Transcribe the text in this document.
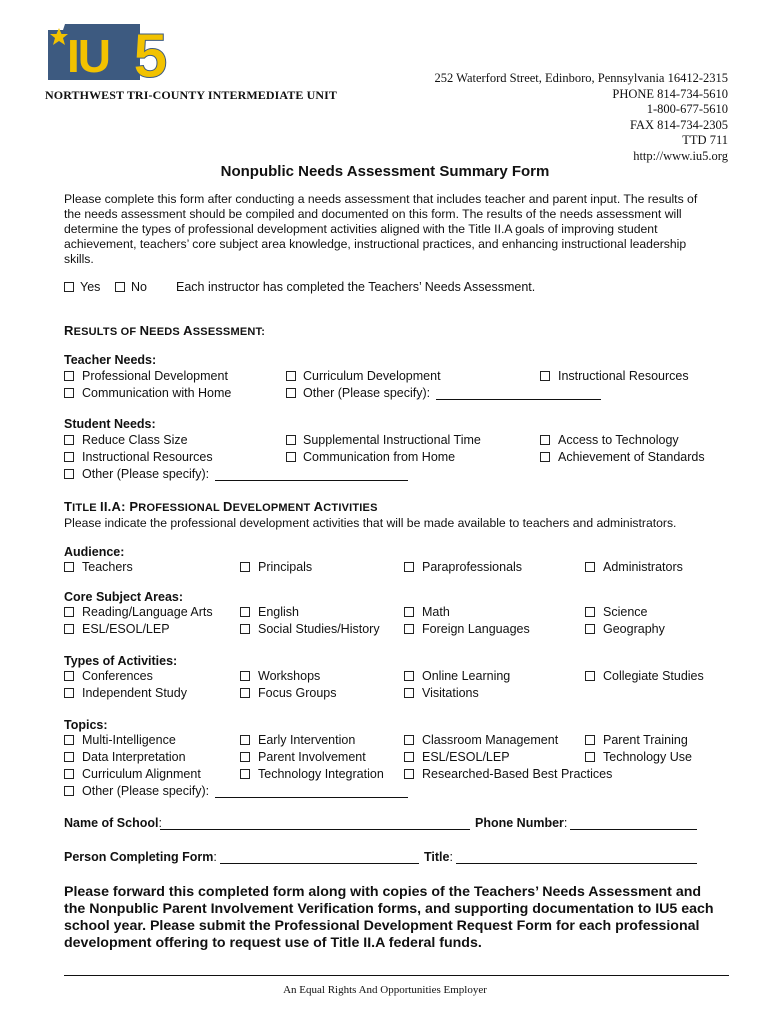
IU 5
NORTHWEST TRI-COUNTY INTERMEDIATE UNIT
252 Waterford Street, Edinboro, Pennsylvania 16412-2315
PHONE 814-734-5610
1-800-677-5610
FAX 814-734-2305
TTD 711
http://www.iu5.org
Nonpublic Needs Assessment Summary Form
Please complete this form after conducting a needs assessment that includes teacher and parent input. The results of the needs assessment should be compiled and documented on this form. The results of the needs assessment will determine the types of professional development activities aligned with the Title II.A goals of improving student achievement, teachers’ core subject area knowledge, instructional practices, and enhancing instructional leadership skills.
Yes No Each instructor has completed the Teachers’ Needs Assessment.
RESULTS OF NEEDS ASSESSMENT:
Teacher Needs:
Professional Development	Curriculum Development	Instructional Resources
Communication with Home	Other (Please specify):
Student Needs:
Reduce Class Size	Supplemental Instructional Time	Access to Technology
Instructional Resources	Communication from Home	Achievement of Standards
Other (Please specify):
TITLE II.A: PROFESSIONAL DEVELOPMENT ACTIVITIES
Please indicate the professional development activities that will be made available to teachers and administrators.
Audience:
Teachers	Principals	Paraprofessionals	Administrators
Core Subject Areas:
Reading/Language Arts	English	Math	Science
ESL/ESOL/LEP	Social Studies/History	Foreign Languages	Geography
Types of Activities:
Conferences	Workshops	Online Learning	Collegiate Studies
Independent Study	Focus Groups	Visitations
Topics:
Multi-Intelligence	Early Intervention	Classroom Management	Parent Training
Data Interpretation	Parent Involvement	ESL/ESOL/LEP	Technology Use
Curriculum Alignment	Technology Integration	Researched-Based Best Practices
Other (Please specify):
Name of School:	Phone Number:
Person Completing Form:	Title:
Please forward this completed form along with copies of the Teachers’ Needs Assessment and the Nonpublic Parent Involvement Verification forms, and supporting documentation to IU5 each school year. Please submit the Professional Development Request Form for each professional development offering to request use of Title II.A federal funds.
An Equal Rights And Opportunities Employer
